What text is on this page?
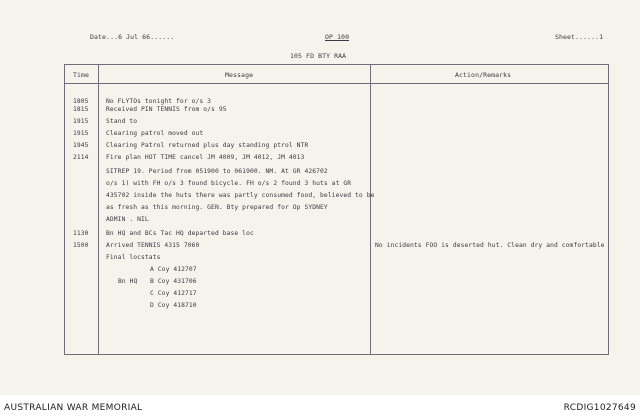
Date...6 Jul 66......	OP 100	Sheet......1
105 FD BTY RAA
Time	Message	Action/Remarks
1805	No FLYTOs tonight for o/s 3
1815	Received PIN TENNIS from o/s 95
1915	Stand to
1915	Clearing patrol moved out
1945	Clearing Patrol returned plus day standing ptrol NTR
2114	Fire plan HOT TIME cancel JM 4009, JM 4012, JM 4013
SITREP 19. Period from 051900 to 061900. NM. At GR 426702
o/s 1) with FH o/s 3 found bicycle. FH o/s 2 found 3 huts at GR
435702 inside the huts there was partly consumed food, believed to be
as fresh as this morning. GEN. Bty prepared for Op SYDNEY
ADMIN . NIL
1130	Bn HQ and BCs Tac HQ departed base loc
1500	Arrived TENNIS 4315 7060	No incidents FOO is deserted hut. Clean dry and comfortable
Final locstats
A Coy 412707
Bn HQ B Coy 431706
C Coy 412717
D Coy 418710
AUSTRALIAN WAR MEMORIAL	RCDIG1027649
